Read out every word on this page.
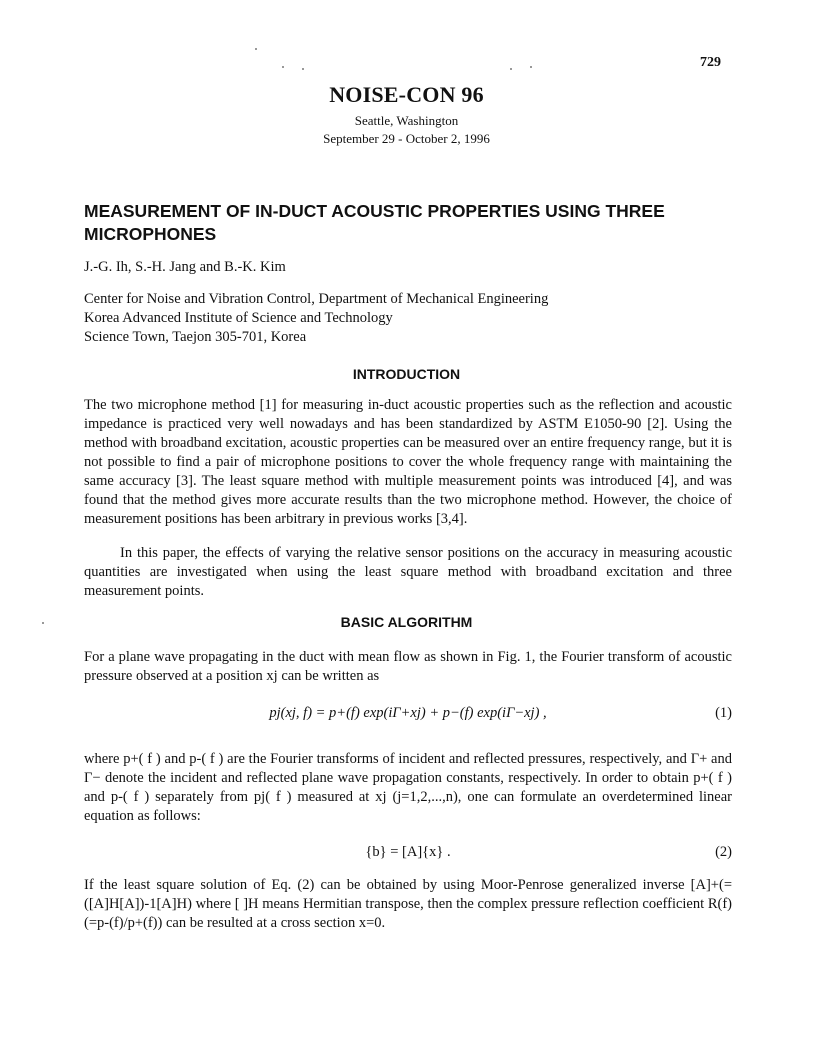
729
NOISE-CON 96
Seattle, Washington
September 29 - October 2, 1996
MEASUREMENT OF IN-DUCT ACOUSTIC PROPERTIES USING THREE MICROPHONES
J.-G. Ih, S.-H. Jang and B.-K. Kim
Center for Noise and Vibration Control, Department of Mechanical Engineering
Korea Advanced Institute of Science and Technology
Science Town, Taejon 305-701, Korea
INTRODUCTION

The two microphone method [1] for measuring in-duct acoustic properties such as the reflection and acoustic impedance is practiced very well nowadays and has been standardized by ASTM E1050-90 [2]. Using the method with broadband excitation, acoustic properties can be measured over an entire frequency range, but it is not possible to find a pair of microphone positions to cover the whole frequency range with maintaining the same accuracy [3]. The least square method with multiple measurement points was introduced [4], and was found that the method gives more accurate results than the two microphone method. However, the choice of measurement positions has been arbitrary in previous works [3,4].

In this paper, the effects of varying the relative sensor positions on the accuracy in measuring acoustic quantities are investigated when using the least square method with broadband excitation and three measurement points.

BASIC ALGORITHM

For a plane wave propagating in the duct with mean flow as shown in Fig. 1, the Fourier transform of acoustic pressure observed at a position xj can be written as

pj(xj, f) = p+(f) exp(iΓ+xj) + p−(f) exp(iΓ−xj) ,	(1)

where p+( f ) and p-( f ) are the Fourier transforms of incident and reflected pressures, respectively, and Γ+ and Γ− denote the incident and reflected plane wave propagation constants, respectively. In order to obtain p+( f ) and p-( f ) separately from pj( f ) measured at xj (j=1,2,...,n), one can formulate an overdetermined linear equation as follows:

{b} = [A]{x} .	(2)

If the least square solution of Eq. (2) can be obtained by using Moor-Penrose generalized inverse [A]+(=([A]H[A])-1[A]H) where [ ]H means Hermitian transpose, then the complex pressure reflection coefficient R(f) (=p-(f)/p+(f)) can be resulted at a cross section x=0.
